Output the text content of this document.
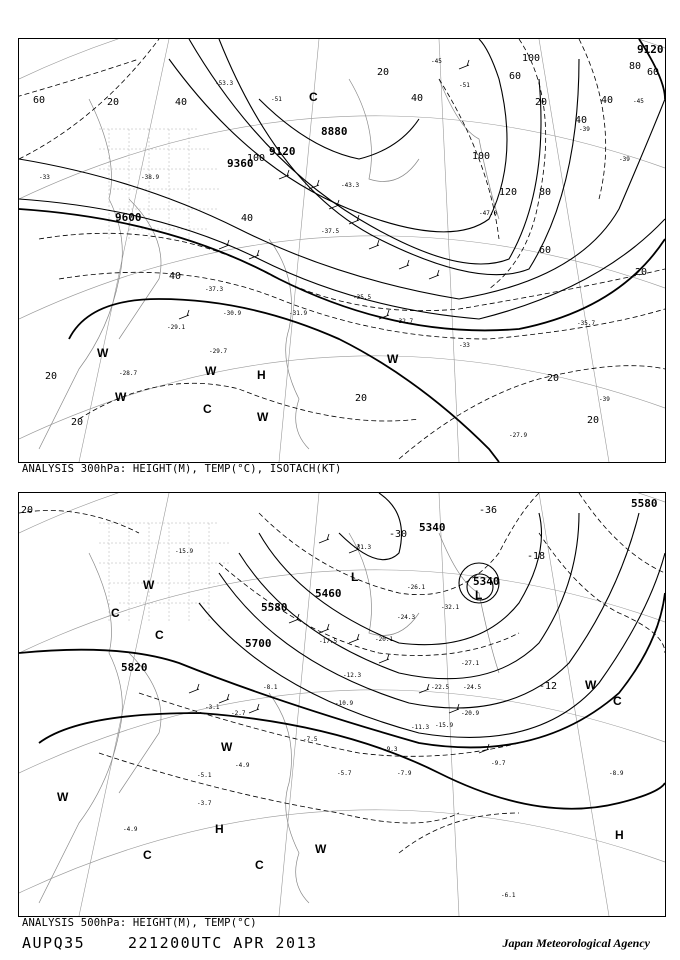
9120
8880
9120
9360
9600
60	20	40
20
40
60
100
20
40
80
60
40
120 80
100
60
40
20
20
20
20
40
100
20
20
-53.3
-51
-45
-39
-33	-38.9
-37.5
-37.3
-35.5
-32.7
-30.9
-29.7
-29.1
-28.7
-27.9
-35.7
-39
-45
-51
-47.0
-43.3
-31.9
-33
-39
C
W
W
W	H
C
W
W
ANALYSIS 300hPa: HEIGHT(M), TEMP(°C), ISOTACH(KT)
5580
5340
5340
5460
5580
5700
5820
20
-30
-36
-18
-12
-31.3
-26.1
-32.1
-24.3
-22.5
-20.1
-12.3
-17.5
-10.9
-8.1
-7.5
-5.7	-7.9
-9.3
-9.7
-8.9
-6.1
-4.9
-3.7
-5.1
-4.9
-2.7
-3.1
-15.9
-27.1
-24.5
-20.9
-15.9
-11.3
L
L
W
C
C
W
C
H
C	W
H
W
W
C
ANALYSIS 500hPa: HEIGHT(M), TEMP(°C)
AUPQ35	221200UTC APR 2013	Japan Meteorological Agency
